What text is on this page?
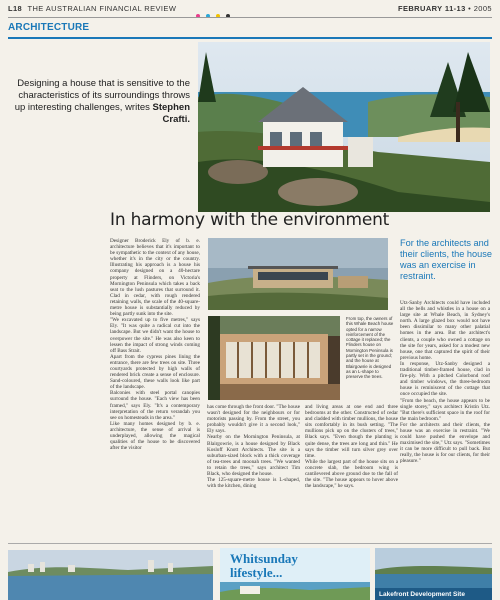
L18 THE AUSTRALIAN FINANCIAL REVIEW	FEBRUARY 11-13 • 2005
ARCHITECTURE
Designing a house that is sensitive to the characteristics of its surroundings throws up interesting challenges, writes Stephen Crafti.
In harmony with the environment

Designer Broderick Ely of b. e. architecture believes that it's important to be sympathetic to the context of any house, whether it's in the city or the country. Illustrating his approach is a house his company designed on a 40-hectare property at Flinders, on Victoria's Mornington Peninsula which takes a back seat to the lush pastures that surround it. Clad in cedar, with rough rendered retaining walls, the scale of the 40-square-metre house is substantially reduced by being partly sunk into the site.

"We excavated up to five metres," says Ely. "It was quite a radical cut into the landscape. But we didn't want the house to overpower the site." He was also keen to lessen the impact of strong winds coming off Bass Strait.

Apart from the cypress pines lining the entrance, there are few trees on site. Three courtyards protected by high walls of rendered brick create a sense of enclosure. Sand-coloured, these walls look like part of the landscape.

Balconies with steel portal canopies surround the house. "Each view has been framed," says Ely. "It's a contemporary interpretation of the return verandah you see on homesteads in the area."

Like many homes designed by b. e. architecture, the sense of arrival is underplayed, allowing the magical qualities of the house to be discovered after the visitor

From top, the owners of this Whale Beach house opted for a narrow reinforcement of the cottage it replaced; the Flinders house on Mornington Peninsula is partly set in the ground; and the house at Blairgowrie is designed as an L-shape to preserve the trees.

has come through the front door. "The house wasn't designed for the neighbours or for motorists passing by. From the street, you probably wouldn't give it a second look," Ely says.

Nearby on the Mornington Peninsula, at Blairgowrie, is a house designed by Black Kosloff Knott Architects. The site is a suburban-sized block with a thick coverage of tea-trees and moonah trees. "We wanted to retain the trees," says architect Tim Black, who designed the house.

The 125-square-metre house is L-shaped, with the kitchen, dining

and living areas at one end and three bedrooms at the other. Constructed of cedar and cladded with timber mullions, the house sits comfortably in its bush setting. "The mullions pick up on the clusters of trees," Black says. "Even though the planting is quite dense, the trees are long and thin." He says the timber will turn silver grey over time.

While the largest part of the house sits on a concrete slab, the bedroom wing is cantilevered above ground due to the fall of the site. "The house appears to hover above the landscape," he says.

For the architects and their clients, the house was an exercise in restraint.

Utz-Sanby Architects could have included all the bells and whistles in a house on a large site at Whale Beach, in Sydney's north. A large glazed box would not have been dissimilar to many other palatial homes in the area. But the architect's clients, a couple who owned a cottage on the site for years, asked for a modest new house, one that captured the spirit of their previous home.

In response, Utz-Sanby designed a traditional timber-framed house, clad in fire-ply. With a pitched Colorbond roof and timber windows, the three-bedroom house is reminiscent of the cottage that once occupied the site.

"From the beach, the house appears to be single storey," says architect Kristin Utz. "But there's sufficient space in the roof for the main bedroom."

For the architects and their clients, the house was an exercise in restraint. "We could have pushed the envelope and maximised the site," Utz says. "Sometimes it can be more difficult to pull back. But really, the house is for our clients, for their pleasure."

Whitsunday
lifestyle...
Lakefront Development Site
